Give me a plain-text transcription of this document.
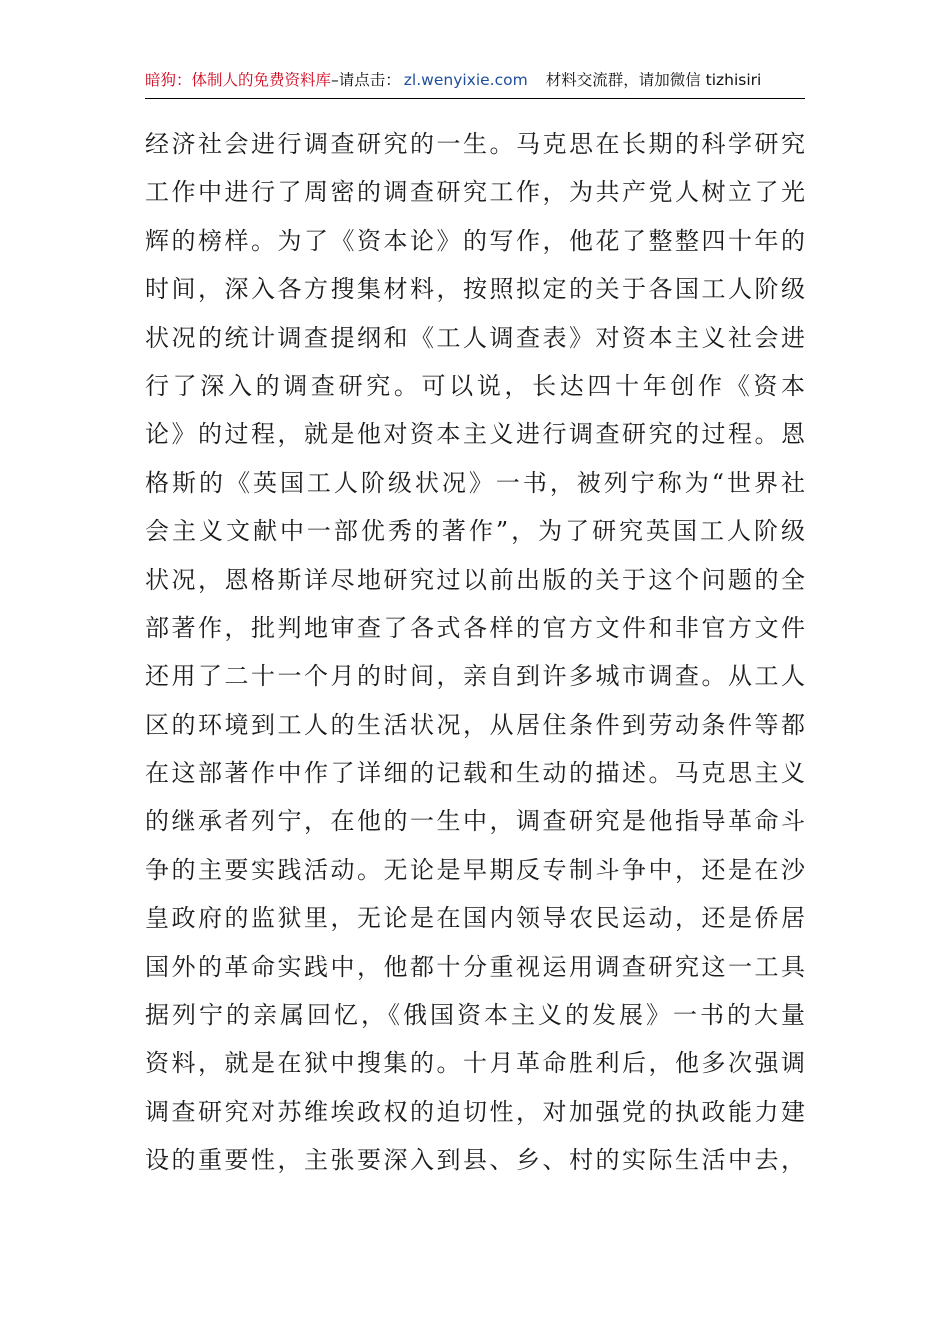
暗狗：体制人的免费资料库 –请点击： zl.wenyixie.com 材料交流群，请加微信 tizhisiri
经济社会进行调查研究的一生。马克思在长期的科学研究
工作中进行了周密的调查研究工作，为共产党人树立了光
辉的榜样。为了《资本论》的写作，他花了整整四十年的
时间，深入各方搜集材料，按照拟定的关于各国工人阶级
状况的统计调查提纲和《工人调查表》对资本主义社会进
行了深入的调查研究。可以说，长达四十年创作《资本
论》的过程，就是他对资本主义进行调查研究的过程。恩
格斯的《英国工人阶级状况》一书，被列宁称为“世界社
会主义文献中一部优秀的著作”，为了研究英国工人阶级
状况，恩格斯详尽地研究过以前出版的关于这个问题的全
部著作，批判地审查了各式各样的官方文件和非官方文件
还用了二十一个月的时间，亲自到许多城市调查。从工人
区的环境到工人的生活状况，从居住条件到劳动条件等都
在这部著作中作了详细的记载和生动的描述。马克思主义
的继承者列宁，在他的一生中，调查研究是他指导革命斗
争的主要实践活动。无论是早期反专制斗争中，还是在沙
皇政府的监狱里，无论是在国内领导农民运动，还是侨居
国外的革命实践中，他都十分重视运用调查研究这一工具
据列宁的亲属回忆，《俄国资本主义的发展》一书的大量
资料，就是在狱中搜集的。十月革命胜利后，他多次强调
调查研究对苏维埃政权的迫切性，对加强党的执政能力建
设的重要性，主张要深入到县、乡、村的实际生活中去，
